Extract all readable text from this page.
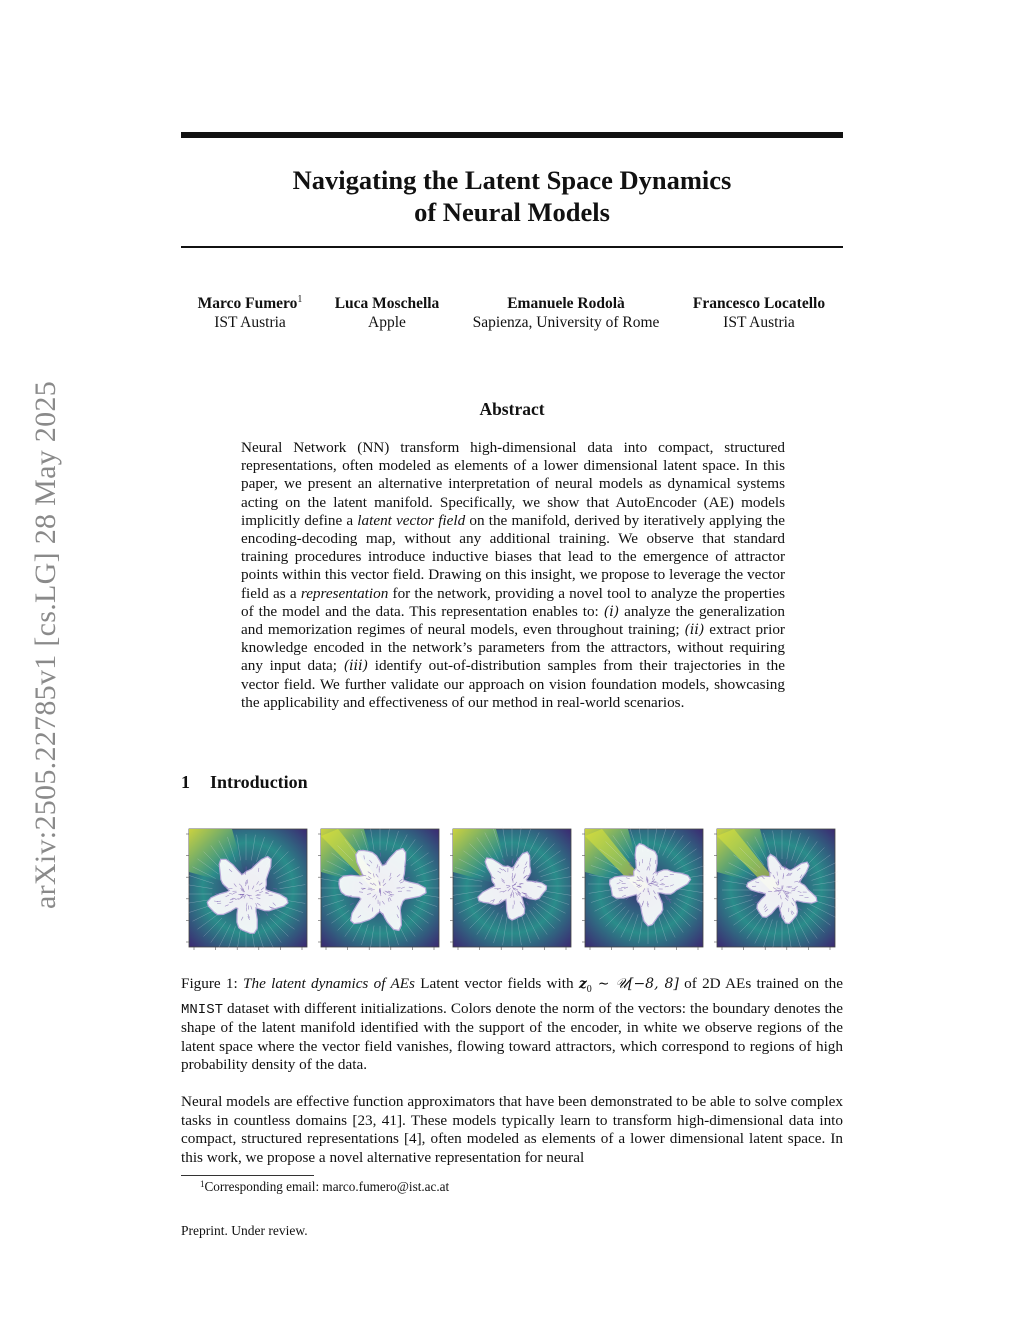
arXiv:2505.22785v1 [cs.LG] 28 May 2025
Navigating the Latent Space Dynamics
of Neural Models
Marco Fumero$^1$
IST Austria
Luca Moschella
Apple
Emanuele Rodolà
Sapienza, University of Rome
Francesco Locatello
IST Austria
Abstract

Neural Network (NN) transform high-dimensional data into compact, structured representations, often modeled as elements of a lower dimensional latent space. In this paper, we present an alternative interpretation of neural models as dynamical systems acting on the latent manifold. Specifically, we show that AutoEncoder (AE) models implicitly define a latent vector field on the manifold, derived by iteratively applying the encoding-decoding map, without any additional training. We observe that standard training procedures introduce inductive biases that lead to the emergence of attractor points within this vector field. Drawing on this insight, we propose to leverage the vector field as a representation for the network, providing a novel tool to analyze the properties of the model and the data. This representation enables to: (i) analyze the generalization and memorization regimes of neural models, even throughout training; (ii) extract prior knowledge encoded in the network’s parameters from the attractors, without requiring any input data; (iii) identify out-of-distribution samples from their trajectories in the vector field. We further validate our approach on vision foundation models, showcasing the applicability and effectiveness of our method in real-world scenarios.

1 Introduction

Figure 1: The latent dynamics of AEs Latent vector fields with $z_0$ ∼ 𝒰[−8, 8] of 2D AEs trained on the MNIST dataset with different initializations. Colors denote the norm of the vectors: the boundary denotes the shape of the latent manifold identified with the support of the encoder, in white we observe regions of the latent space where the vector field vanishes, flowing toward attractors, which correspond to regions of high probability density of the data.

Neural models are effective function approximators that have been demonstrated to be able to solve complex tasks in countless domains [23, 41]. These models typically learn to transform high-dimensional data into compact, structured representations [4], often modeled as elements of a lower dimensional latent space. In this work, we propose a novel alternative representation for neural

$^1$Corresponding email: marco.fumero@ist.ac.at
Preprint. Under review.
